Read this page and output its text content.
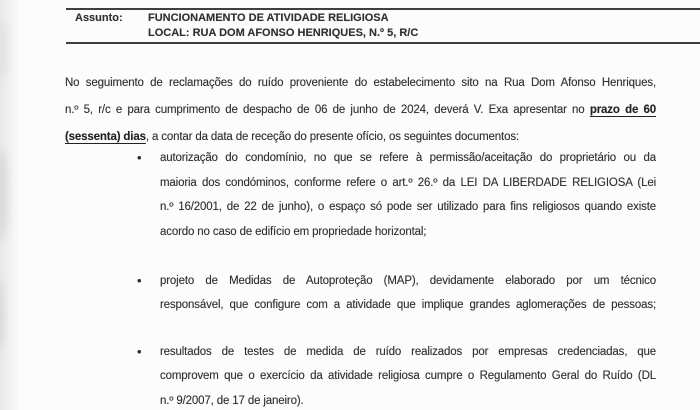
Assunto: FUNCIONAMENTO DE ATIVIDADE RELIGIOSA
LOCAL: RUA DOM AFONSO HENRIQUES, N.º 5, R/C
No seguimento de reclamações do ruído proveniente do estabelecimento sito na Rua Dom Afonso Henriques,
n.º 5, r/c e para cumprimento de despacho de 06 de junho de 2024, deverá V. Exa apresentar no prazo de 60
(sessenta) dias, a contar da data de receção do presente ofício, os seguintes documentos:
• autorização do condomínio, no que se refere à permissão/aceitação do proprietário ou da
maioria dos condóminos, conforme refere o art.º 26.º da LEI DA LIBERDADE RELIGIOSA (Lei
n.º 16/2001, de 22 de junho), o espaço só pode ser utilizado para fins religiosos quando existe
acordo no caso de edifício em propriedade horizontal;
• projeto de Medidas de Autoproteção (MAP), devidamente elaborado por um técnico
responsável, que configure com a atividade que implique grandes aglomerações de pessoas;
• resultados de testes de medida de ruído realizados por empresas credenciadas, que
comprovem que o exercício da atividade religiosa cumpre o Regulamento Geral do Ruído (DL
n.º 9/2007, de 17 de janeiro).
